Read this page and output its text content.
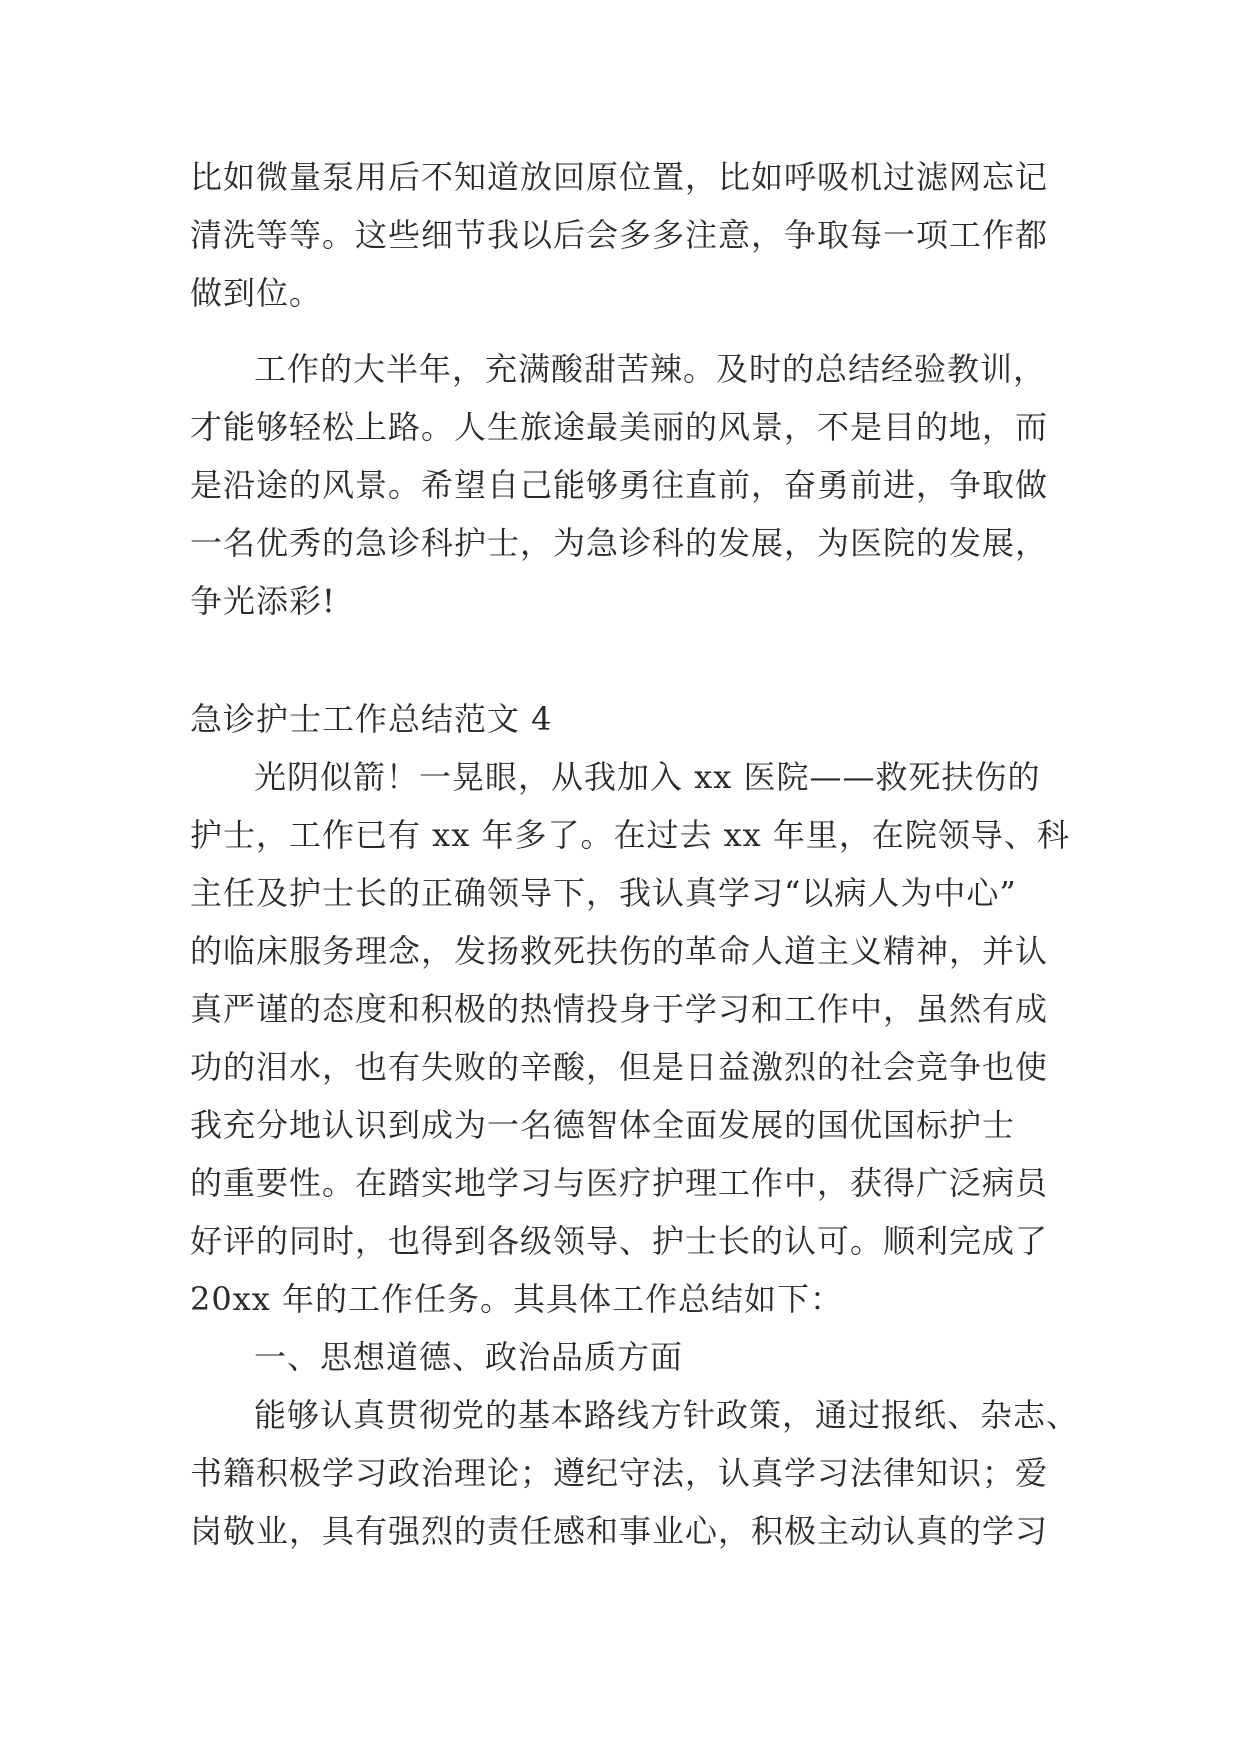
比如微量泵用后不知道放回原位置，比如呼吸机过滤网忘记
清洗等等。这些细节我以后会多多注意，争取每一项工作都
做到位。
工作的大半年，充满酸甜苦辣。及时的总结经验教训，
才能够轻松上路。人生旅途最美丽的风景，不是目的地，而
是沿途的风景。希望自己能够勇往直前，奋勇前进，争取做
一名优秀的急诊科护士，为急诊科的发展，为医院的发展，
争光添彩!
急诊护士工作总结范文 4
光阴似箭！一晃眼，从我加入 xx 医院——救死扶伤的
护士，工作已有 xx 年多了。在过去 xx 年里，在院领导、科
主任及护士长的正确领导下，我认真学习“以病人为中心”
的临床服务理念，发扬救死扶伤的革命人道主义精神，并认
真严谨的态度和积极的热情投身于学习和工作中，虽然有成
功的泪水，也有失败的辛酸，但是日益激烈的社会竞争也使
我充分地认识到成为一名德智体全面发展的国优国标护士
的重要性。在踏实地学习与医疗护理工作中，获得广泛病员
好评的同时，也得到各级领导、护士长的认可。顺利完成了
20xx 年的工作任务。其具体工作总结如下：
一、思想道德、政治品质方面
能够认真贯彻党的基本路线方针政策，通过报纸、杂志、
书籍积极学习政治理论；遵纪守法，认真学习法律知识；爱
岗敬业，具有强烈的责任感和事业心，积极主动认真的学习
